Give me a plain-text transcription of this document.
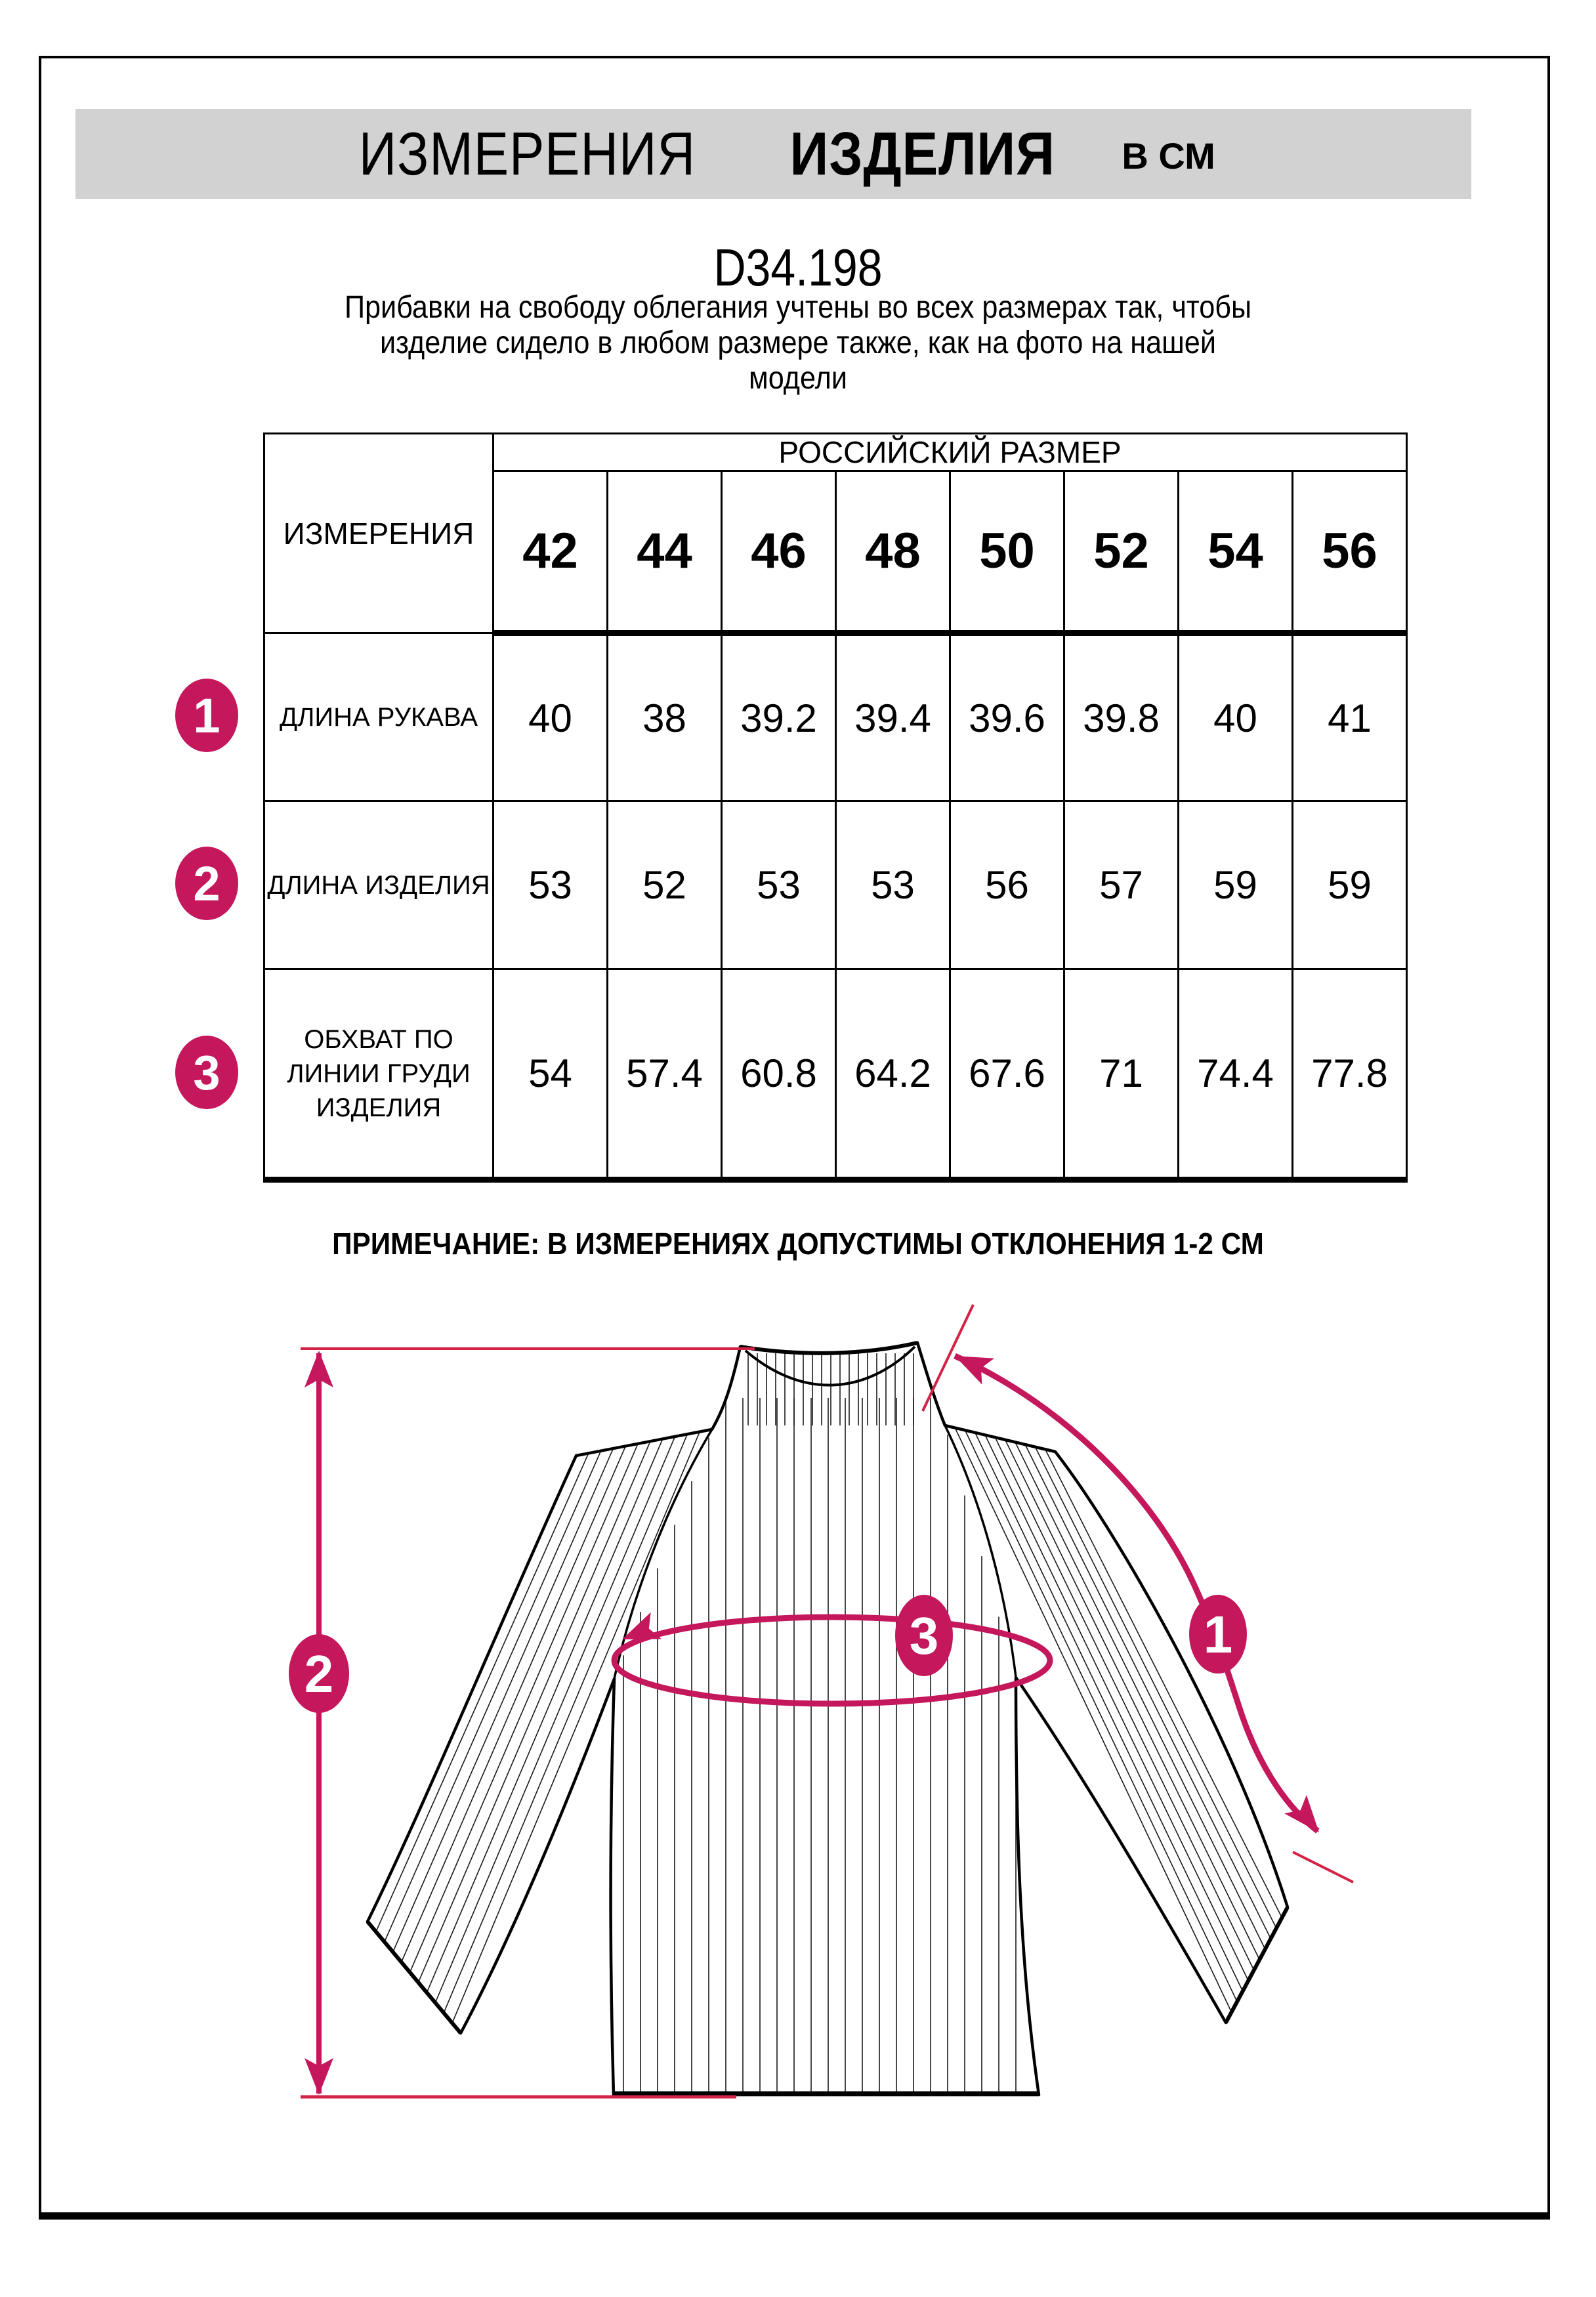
ИЗМЕРЕНИЯ ИЗДЕЛИЯ В СМ
D34.198
Прибавки на свободу облегания учтены во всех размерах так, чтобы
изделие сидело в любом размере также, как на фото на нашей
модели
ИЗМЕРЕНИЯ	РОССИЙСКИЙ РАЗМЕР							
	42	44	46	48	50	52	54	56
ДЛИНА РУКАВА	40	38	39.2	39.4	39.6	39.8	40	41
ДЛИНА ИЗДЕЛИЯ	53	52	53	53	56	57	59	59
ОБХВАТ ПО ЛИНИИ ГРУДИ ИЗДЕЛИЯ	54	57.4	60.8	64.2	67.6	71	74.4	77.8
1
2
3
ПРИМЕЧАНИЕ: В ИЗМЕРЕНИЯХ ДОПУСТИМЫ ОТКЛОНЕНИЯ 1-2 СМ
2
1
3
